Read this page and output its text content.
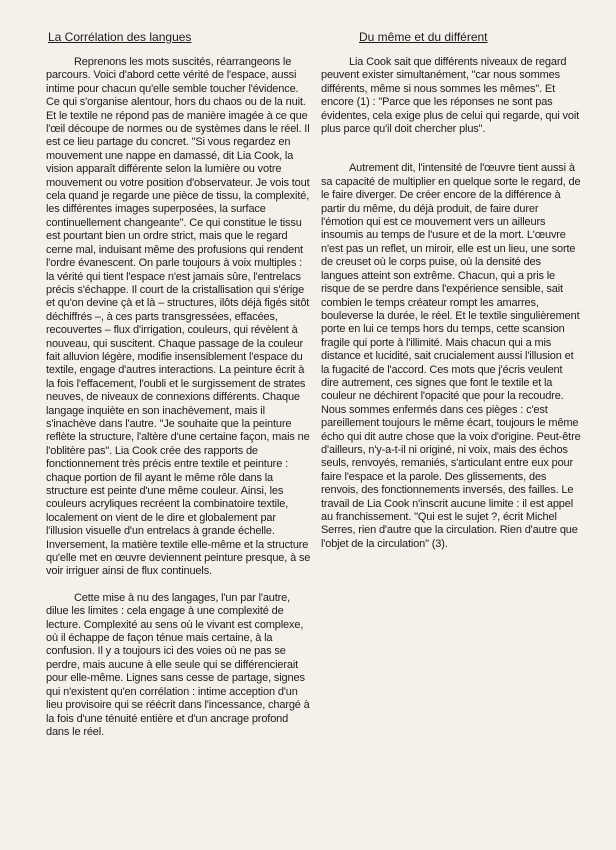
La Corrélation des langues

Reprenons les mots suscités, réarrangeons le parcours. Voici d'abord cette vérité de l'espace, aussi intime pour chacun qu'elle semble toucher l'évidence. Ce qui s'organise alentour, hors du chaos ou de la nuit. Et le textile ne répond pas de manière imagée à ce que l'œil découpe de normes ou de systèmes dans le réel. Il est ce lieu partage du concret. "Si vous regardez en mouvement une nappe en damassé, dit Lia Cook, la vision apparaît différente selon la lumière ou votre mouvement ou votre position d'observateur. Je vois tout cela quand je regarde une pièce de tissu, la complexité, les différentes images superposées, la surface continuellement changeante". Ce qui constitue le tissu est pourtant bien un ordre strict, mais que le regard cerne mal, induisant même des profusions qui rendent l'ordre évanescent. On parle toujours à voix multiples : la vérité qui tient l'espace n'est jamais sûre, l'entrelacs précis s'échappe. Il court de la cristallisation qui s'érige et qu'on devine çà et là – structures, ilôts déjà figés sitôt déchiffrés –, à ces parts transgressées, effacées, recouvertes – flux d'irrigation, couleurs, qui révèlent à nouveau, qui suscitent. Chaque passage de la couleur fait alluvion légère, modifie insensiblement l'espace du textile, engage d'autres interactions. La peinture écrit à la fois l'effacement, l'oubli et le surgissement de strates neuves, de niveaux de connexions différents. Chaque langage inquiète en son inachèvement, mais il s'inachève dans l'autre. "Je souhaite que la peinture reflète la structure, l'altère d'une certaine façon, mais ne l'oblitère pas". Lia Cook crée des rapports de fonctionnement très précis entre textile et peinture : chaque portion de fil ayant le même rôle dans la structure est peinte d'une même couleur. Ainsi, les couleurs acryliques recréent la combinatoire textile, localement on vient de le dire et globalement par l'illusion visuelle d'un entrelacs à grande échelle. Inversement, la matière textile elle-même et la structure qu'elle met en œuvre deviennent peinture presque, à se voir irriguer ainsi de flux continuels.

Cette mise à nu des langages, l'un par l'autre, dilue les limites : cela engage à une complexité de lecture. Complexité au sens où le vivant est complexe, où il échappe de façon ténue mais certaine, à la confusion. Il y a toujours ici des voies où ne pas se perdre, mais aucune à elle seule qui se différencierait pour elle-même. Lignes sans cesse de partage, signes qui n'existent qu'en corrélation : intime acception d'un lieu provisoire qui se réécrit dans l'incessance, chargé à la fois d'une ténuité entière et d'un ancrage profond dans le réel.

Du même et du différent

Lia Cook sait que différents niveaux de regard peuvent exister simultanément, "car nous sommes différents, même si nous sommes les mêmes". Et encore (1) : "Parce que les réponses ne sont pas évidentes, cela exige plus de celui qui regarde, qui voit plus parce qu'il doit chercher plus".

Autrement dit, l'intensité de l'œuvre tient aussi à sa capacité de multiplier en quelque sorte le regard, de le faire diverger. De créer encore de la différence à partir du même, du déjà produit, de faire durer l'émotion qui est ce mouvement vers un ailleurs insoumis au temps de l'usure et de la mort. L'œuvre n'est pas un reflet, un miroir, elle est un lieu, une sorte de creuset où le corps puise, où la densité des langues atteint son extrême. Chacun, qui a pris le risque de se perdre dans l'expérience sensible, sait combien le temps créateur rompt les amarres, bouleverse la durée, le réel. Et le textile singulièrement porte en lui ce temps hors du temps, cette scansion fragile qui porte à l'illimité. Mais chacun qui a mis distance et lucidité, sait crucialement aussi l'illusion et la fugacité de l'accord. Ces mots que j'écris veulent dire autrement, ces signes que font le textile et la couleur ne déchirent l'opacité que pour la recoudre. Nous sommes enfermés dans ces pièges : c'est pareillement toujours le même écart, toujours le même écho qui dit autre chose que la voix d'origine. Peut-être d'ailleurs, n'y-a-t-il ni originé, ni voix, mais des échos seuls, renvoyés, remaniés, s'articulant entre eux pour faire l'espace et la parole. Des glissements, des renvois, des fonctionnements inversés, des failles. Le travail de Lia Cook n'inscrit aucune limite : il est appel au franchissement. "Qui est le sujet ?, écrit Michel Serres, rien d'autre que la circulation. Rien d'autre que l'objet de la circulation" (3).
